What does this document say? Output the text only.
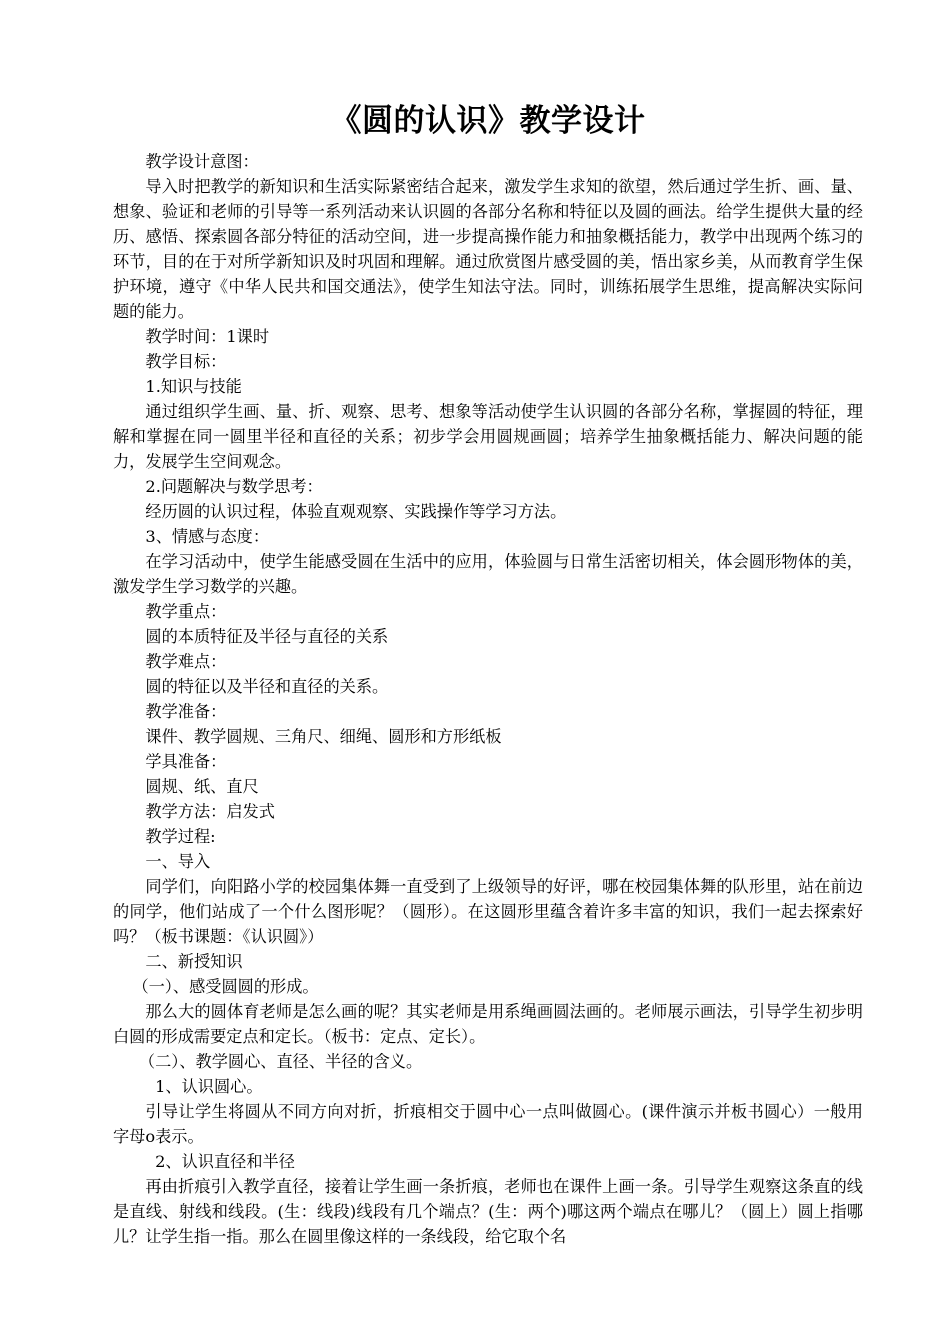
《圆的认识》教学设计

教学设计意图：

导入时把教学的新知识和生活实际紧密结合起来，激发学生求知的欲望，然后通过学生折、画、量、想象、验证和老师的引导等一系列活动来认识圆的各部分名称和特征以及圆的画法。给学生提供大量的经历、感悟、探索圆各部分特征的活动空间，进一步提高操作能力和抽象概括能力，教学中出现两个练习的环节，目的在于对所学新知识及时巩固和理解。通过欣赏图片感受圆的美，悟出家乡美，从而教育学生保护环境，遵守《中华人民共和国交通法》，使学生知法守法。同时，训练拓展学生思维，提高解决实际问题的能力。

教学时间：1课时

教学目标：

1.知识与技能

通过组织学生画、量、折、观察、思考、想象等活动使学生认识圆的各部分名称，掌握圆的特征，理解和掌握在同一圆里半径和直径的关系；初步学会用圆规画圆；培养学生抽象概括能力、解决问题的能力，发展学生空间观念。

2.问题解决与数学思考：

经历圆的认识过程，体验直观观察、实践操作等学习方法。

3、情感与态度：

在学习活动中，使学生能感受圆在生活中的应用，体验圆与日常生活密切相关，体会圆形物体的美，激发学生学习数学的兴趣。

教学重点：

圆的本质特征及半径与直径的关系

教学难点：

圆的特征以及半径和直径的关系。

教学准备：

课件、教学圆规、三角尺、细绳、圆形和方形纸板

学具准备：

圆规、纸、直尺

教学方法：启发式

教学过程:

一、导入

同学们，向阳路小学的校园集体舞一直受到了上级领导的好评，哪在校园集体舞的队形里，站在前边的同学，他们站成了一个什么图形呢？（圆形）。在这圆形里蕴含着许多丰富的知识，我们一起去探索好吗？（板书课题：《认识圆》）

二、新授知识

（一）、感受圆圆的形成。

那么大的圆体育老师是怎么画的呢？其实老师是用系绳画圆法画的。老师展示画法，引导学生初步明白圆的形成需要定点和定长。（板书：定点、定长）。

（二）、教学圆心、直径、半径的含义。

1、认识圆心。

引导让学生将圆从不同方向对折，折痕相交于圆中心一点叫做圆心。(课件演示并板书圆心）一般用字母o表示。

2、认识直径和半径

再由折痕引入教学直径，接着让学生画一条折痕，老师也在课件上画一条。引导学生观察这条直的线是直线、射线和线段。(生：线段)线段有几个端点？(生：两个)哪这两个端点在哪儿？（圆上）圆上指哪儿？让学生指一指。那么在圆里像这样的一条线段，给它取个名
